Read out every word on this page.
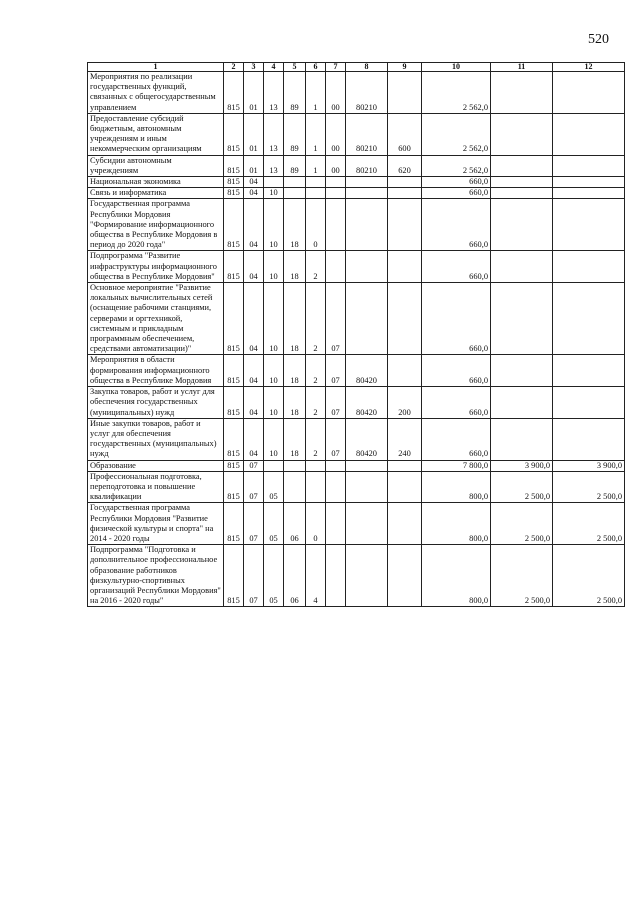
520
1	2	3	4	5	6	7	8	9	10	11	12
Мероприятия по реализации государственных функций, связанных с общегосударственным управлением	815	01	13	89	1	00	80210		2 562,0		
Предоставление субсидий бюджетным, автономным учреждениям и иным некоммерческим организациям	815	01	13	89	1	00	80210	600	2 562,0		
Субсидии автономным учреждениям	815	01	13	89	1	00	80210	620	2 562,0		
Национальная экономика	815	04							660,0		
Связь и информатика	815	04	10						660,0		
Государственная программа Республики Мордовия "Формирование информационного общества в Республике Мордовия в период до 2020 года"	815	04	10	18	0				660,0		
Подпрограмма "Развитие инфраструктуры информационного общества в Республике Мордовия"	815	04	10	18	2				660,0		
Основное мероприятие "Развитие локальных вычислительных сетей (оснащение рабочими станциями, серверами и оргтехникой, системным и прикладным программным обеспечением, средствами автоматизации)"	815	04	10	18	2	07			660,0		
Мероприятия в области формирования информационного общества в Республике Мордовия	815	04	10	18	2	07	80420		660,0		
Закупка товаров, работ и услуг для обеспечения государственных (муниципальных) нужд	815	04	10	18	2	07	80420	200	660,0		
Иные закупки товаров, работ и услуг для обеспечения государственных (муниципальных) нужд	815	04	10	18	2	07	80420	240	660,0		
Образование	815	07							7 800,0	3 900,0	3 900,0
Профессиональная подготовка, переподготовка и повышение квалификации	815	07	05						800,0	2 500,0	2 500,0
Государственная программа Республики Мордовия "Развитие физической культуры и спорта" на 2014 - 2020 годы	815	07	05	06	0				800,0	2 500,0	2 500,0
Подпрограмма "Подготовка и дополнительное профессиональное образование работников физкультурно-спортивных организаций Республики Мордовия" на 2016 - 2020 годы"	815	07	05	06	4				800,0	2 500,0	2 500,0
